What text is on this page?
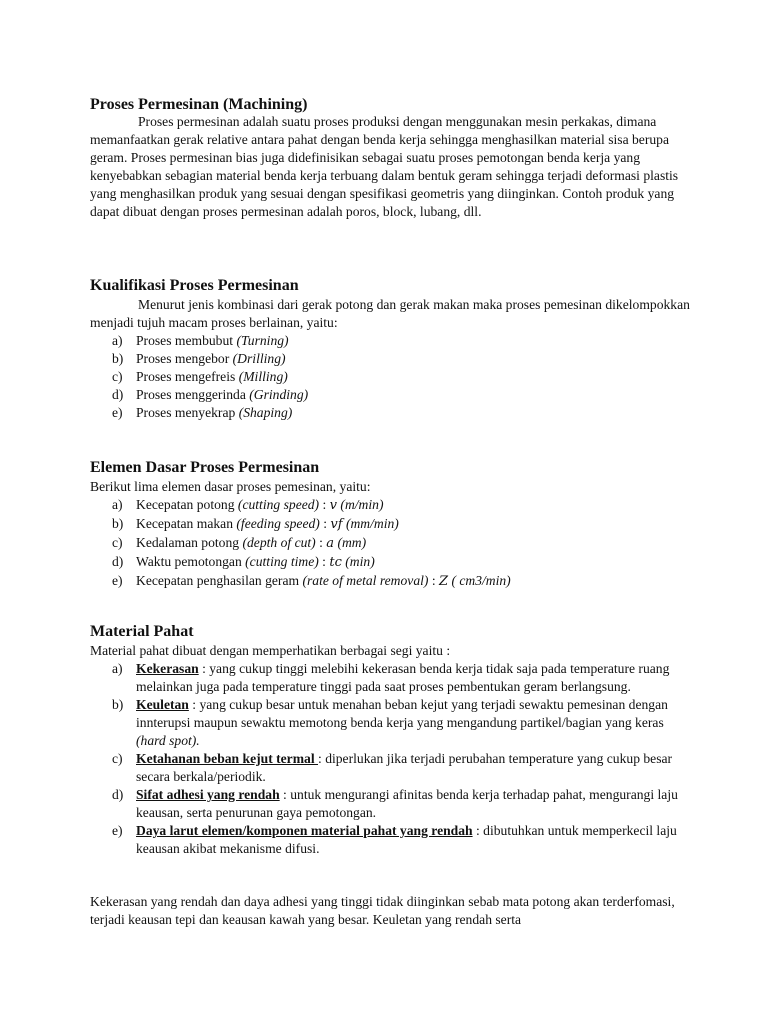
Proses Permesinan (Machining)

Proses permesinan adalah suatu proses produksi dengan menggunakan mesin perkakas, dimana memanfaatkan gerak relative antara pahat dengan benda kerja sehingga menghasilkan material sisa berupa geram. Proses permesinan bias juga didefinisikan sebagai suatu proses pemotongan benda kerja yang kenyebabkan sebagian material benda kerja terbuang dalam bentuk geram sehingga terjadi deformasi plastis yang menghasilkan produk yang sesuai dengan spesifikasi geometris yang diinginkan. Contoh produk yang dapat dibuat dengan proses permesinan adalah poros, block, lubang, dll.

Kualifikasi Proses Permesinan

Menurut jenis kombinasi dari gerak potong dan gerak makan maka proses pemesinan dikelompokkan menjadi tujuh macam proses berlainan, yaitu:

a) Proses membubut (Turning)
b) Proses mengebor (Drilling)
c) Proses mengefreis (Milling)
d) Proses menggerinda (Grinding)
e) Proses menyekrap (Shaping)
Elemen Dasar Proses Permesinan

Berikut lima elemen dasar proses pemesinan, yaitu:

a) Kecepatan potong (cutting speed) : v (m/min)
b) Kecepatan makan (feeding speed) : vf (mm/min)
c) Kedalaman potong (depth of cut) : a (mm)
d) Waktu pemotongan (cutting time) : tc (min)
e) Kecepatan penghasilan geram (rate of metal removal) : Z ( cm3/min)
Material Pahat

Material pahat dibuat dengan memperhatikan berbagai segi yaitu :

a) Kekerasan : yang cukup tinggi melebihi kekerasan benda kerja tidak saja pada temperature ruang melainkan juga pada temperature tinggi pada saat proses pembentukan geram berlangsung.
b) Keuletan : yang cukup besar untuk menahan beban kejut yang terjadi sewaktu pemesinan dengan innterupsi maupun sewaktu memotong benda kerja yang mengandung partikel/bagian yang keras (hard spot).
c) Ketahanan beban kejut termal : diperlukan jika terjadi perubahan temperature yang cukup besar secara berkala/periodik.
d) Sifat adhesi yang rendah : untuk mengurangi afinitas benda kerja terhadap pahat, mengurangi laju keausan, serta penurunan gaya pemotongan.
e) Daya larut elemen/komponen material pahat yang rendah : dibutuhkan untuk memperkecil laju keausan akibat mekanisme difusi.

Kekerasan yang rendah dan daya adhesi yang tinggi tidak diinginkan sebab mata potong akan terderfomasi, terjadi keausan tepi dan keausan kawah yang besar. Keuletan yang rendah serta
